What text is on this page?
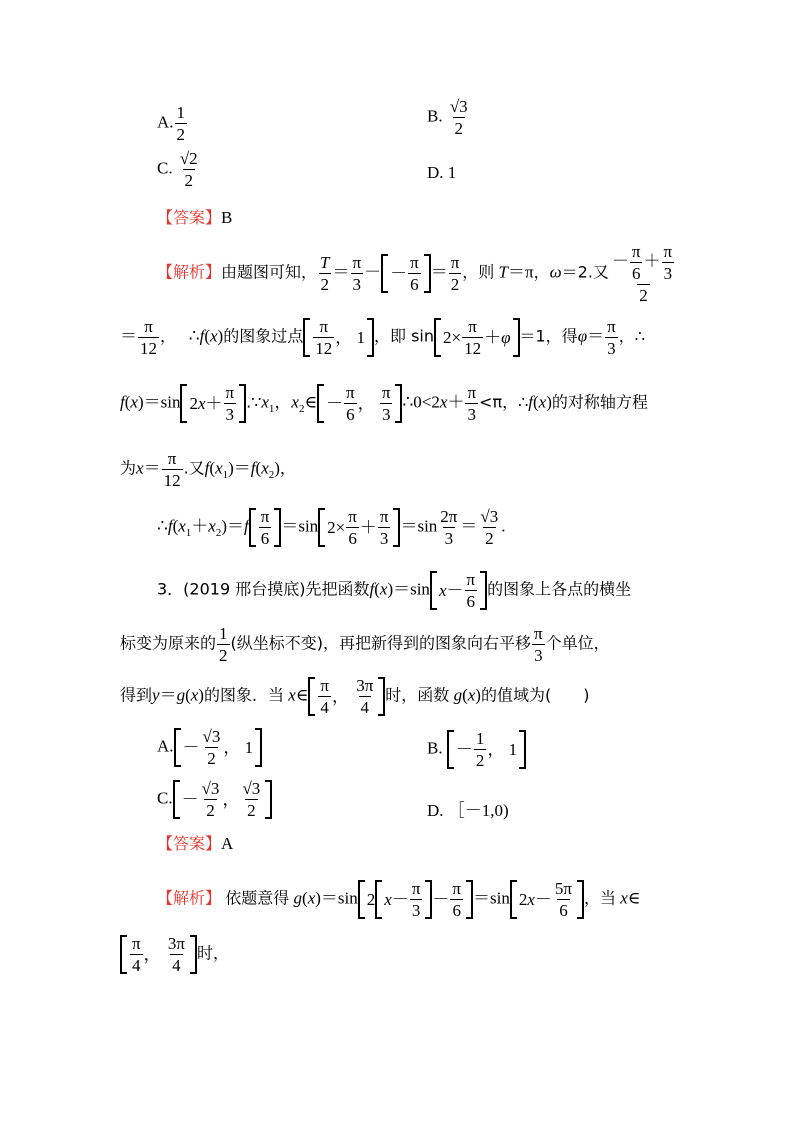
A. $\frac{1}{2}$	B. $\frac{√3}{2}$
C. $\frac{√2}{2}$	D. 1
【答案】B
【解析】由题图可知， $\frac{T}{2} = \frac{\pi}{3}$ － － $\frac{\pi}{6} = \frac{\pi}{2}$ ，则 T＝π，ω＝2.又 $\frac{- \frac{\pi}{6} + \frac{\pi}{3}}{2}$
＝ $\frac{\pi}{12}$ ， ∴f(x)的图象过点 $\frac{\pi}{12}$ ， 1 ，即 $\sin 2\times \frac{\pi}{12} + \varphi =1$，得$\varphi= \frac{\pi}{3}$ ，∴
f(x)＝sin 2 $x + \frac{\pi}{3}$ $.\because x_1$，$x_2\in - \frac{\pi}{6}$ ， $\frac{\pi}{3}$ ∴0<2x＋ $\frac{\pi}{3} <\pi$，∴f(x)的对称轴方程
为$x= \frac{\pi}{12}$ .又$f(x_1)=f(x_2)$，
$\therefore f(x_1+x_2)=f \frac{\pi}{6} =\sin$ $2\times \frac{\pi}{6} + \frac{\pi}{3} =\sin \frac{2\pi}{3} = \frac{√3}{2}$ .
3．(2019 邢台摸底)先把函数f(x)＝sin $x - \frac{\pi}{6}$ 的图象上各点的横坐
标变为原来的 $\frac{1}{2}$ (纵坐标不变)，再把新得到的图象向右平移 $\frac{\pi}{3}$ 个单位，
得到y＝g(x)的图象．当 x∈ $\frac{\pi}{4}$ ， $\frac{3\pi}{4}$ 时，函数 g(x)的值域为(　　)
A. － $\frac{√3}{2}$ ， 1	B. － $\frac{1}{2}$ ， 1
C. － $\frac{√3}{2}$ ， $\frac{√3}{2}$	D. ［－1,0)
【答案】A
【解析】 依题意得 g(x)＝sin 2 $x - \frac{\pi}{3} - \frac{\pi}{6} =\sin$ 2 $x - \frac{5\pi}{6}$ ，当 x∈
$\frac{\pi}{4}$ ， $\frac{3\pi}{4}$ 时，
